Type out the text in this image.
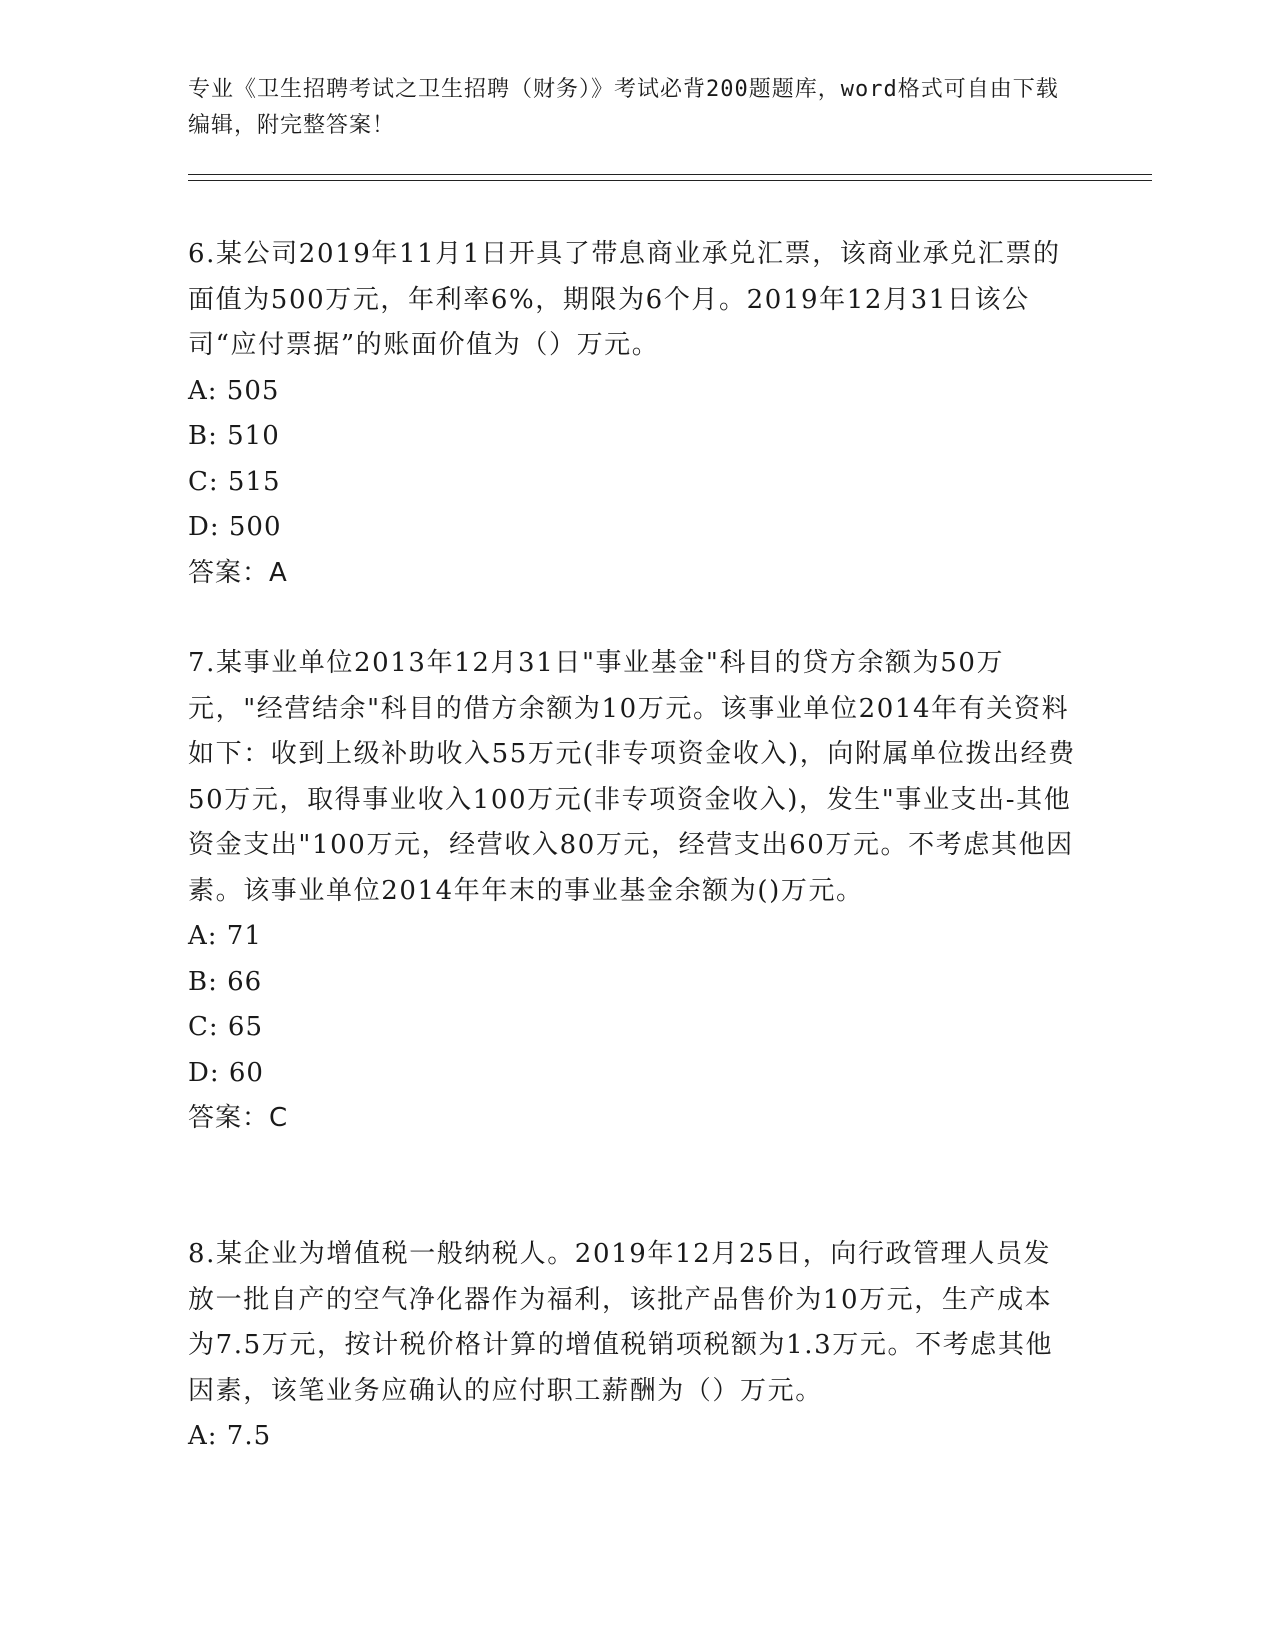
专业《卫生招聘考试之卫生招聘（财务）》考试必背200题题库，word格式可自由下载编辑，附完整答案！

6.某公司2019年11月1日开具了带息商业承兑汇票，该商业承兑汇票的面值为500万元，年利率6%，期限为6个月。2019年12月31日该公司“应付票据”的账面价值为（）万元。

A: 505

B: 510

C: 515

D: 500

答案：A

7.某事业单位2013年12月31日"事业基金"科目的贷方余额为50万元，"经营结余"科目的借方余额为10万元。该事业单位2014年有关资料如下：收到上级补助收入55万元(非专项资金收入)，向附属单位拨出经费50万元，取得事业收入100万元(非专项资金收入)，发生"事业支出-其他资金支出"100万元，经营收入80万元，经营支出60万元。不考虑其他因素。该事业单位2014年年末的事业基金余额为()万元。

A: 71

B: 66

C: 65

D: 60

答案：C

8.某企业为增值税一般纳税人。2019年12月25日，向行政管理人员发放一批自产的空气净化器作为福利，该批产品售价为10万元，生产成本为7.5万元，按计税价格计算的增值税销项税额为1.3万元。不考虑其他因素，该笔业务应确认的应付职工薪酬为（）万元。

A: 7.5
